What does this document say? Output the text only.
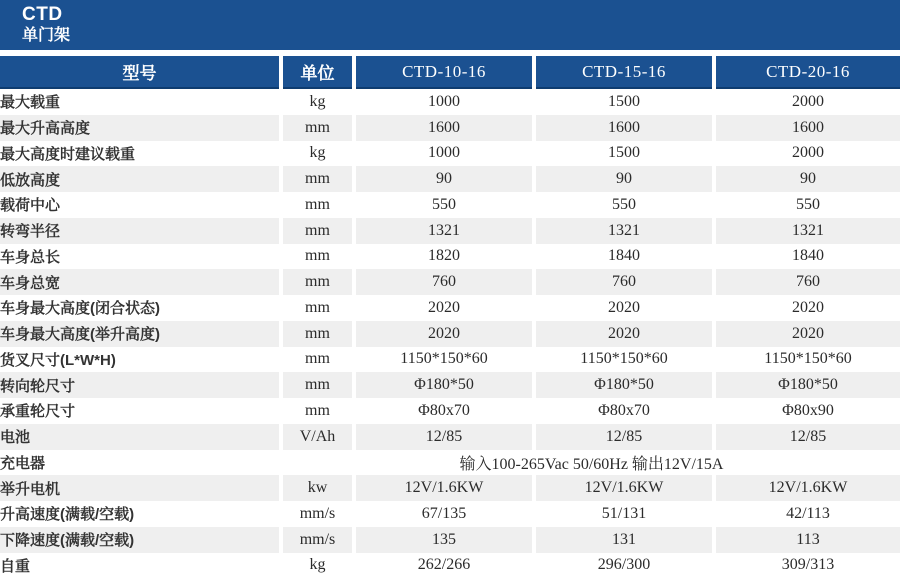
CTD
单门架
型号	单位	CTD-10-16	CTD-15-16	CTD-20-16
最大载重	kg	1000	1500	2000
最大升高高度	mm	1600	1600	1600
最大高度时建议载重	kg	1000	1500	2000
低放高度	mm	90	90	90
载荷中心	mm	550	550	550
转弯半径	mm	1321	1321	1321
车身总长	mm	1820	1840	1840
车身总宽	mm	760	760	760
车身最大高度(闭合状态)	mm	2020	2020	2020
车身最大高度(举升高度)	mm	2020	2020	2020
货叉尺寸(L*W*H)	mm	1150*150*60	1150*150*60	1150*150*60
转向轮尺寸	mm	Φ180*50	Φ180*50	Φ180*50
承重轮尺寸	mm	Φ80x70	Φ80x70	Φ80x90
电池	V/Ah	12/85	12/85	12/85
充电器	输入100-265Vac 50/60Hz 输出12V/15A			
举升电机	kw	12V/1.6KW	12V/1.6KW	12V/1.6KW
升高速度(满载/空载)	mm/s	67/135	51/131	42/113
下降速度(满载/空载)	mm/s	135	131	113
自重	kg	262/266	296/300	309/313
